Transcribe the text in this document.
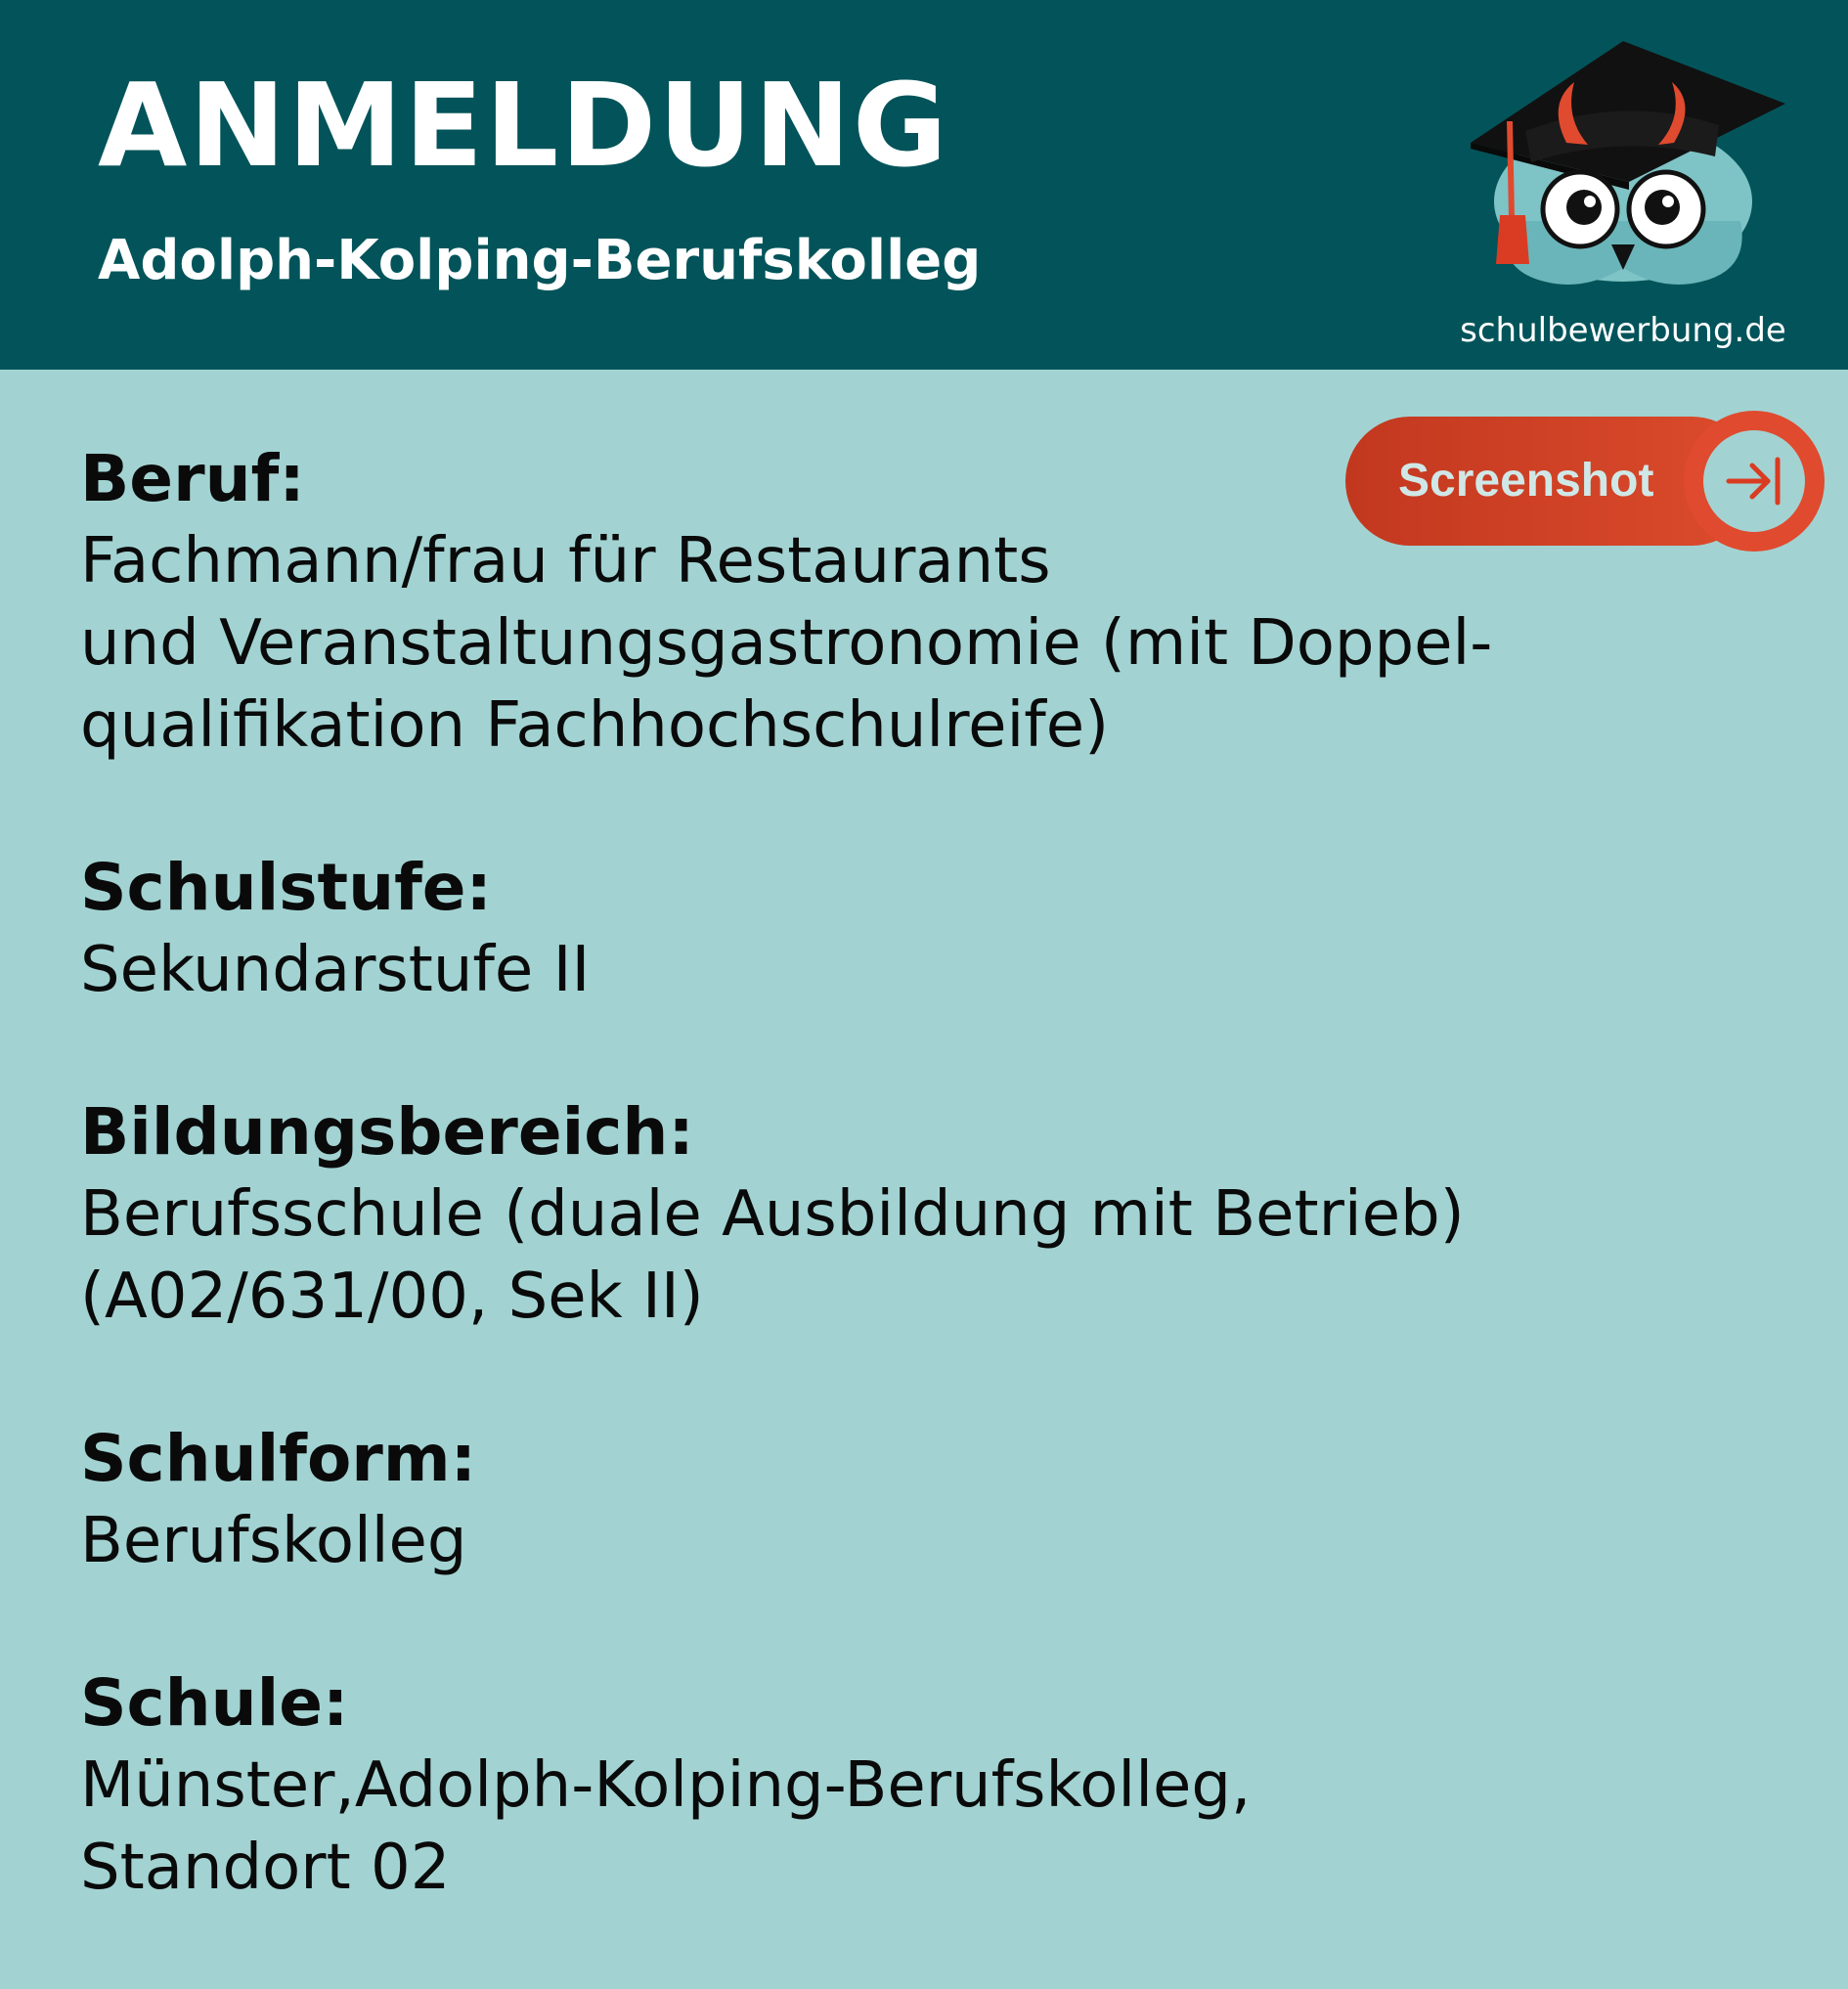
ANMELDUNG
Adolph-Kolping-Berufskolleg
schulbewerbung.de
Screenshot
Beruf:
Fachmann/frau für Restaurants
und Veranstaltungsgastronomie (mit Doppel-
qualifikation Fachhochschulreife)
Schulstufe:
Sekundarstufe II
Bildungsbereich:
Berufsschule (duale Ausbildung mit Betrieb)
(A02/631/00, Sek II)
Schulform:
Berufskolleg
Schule:
Münster,Adolph-Kolping-Berufskolleg,
Standort 02
